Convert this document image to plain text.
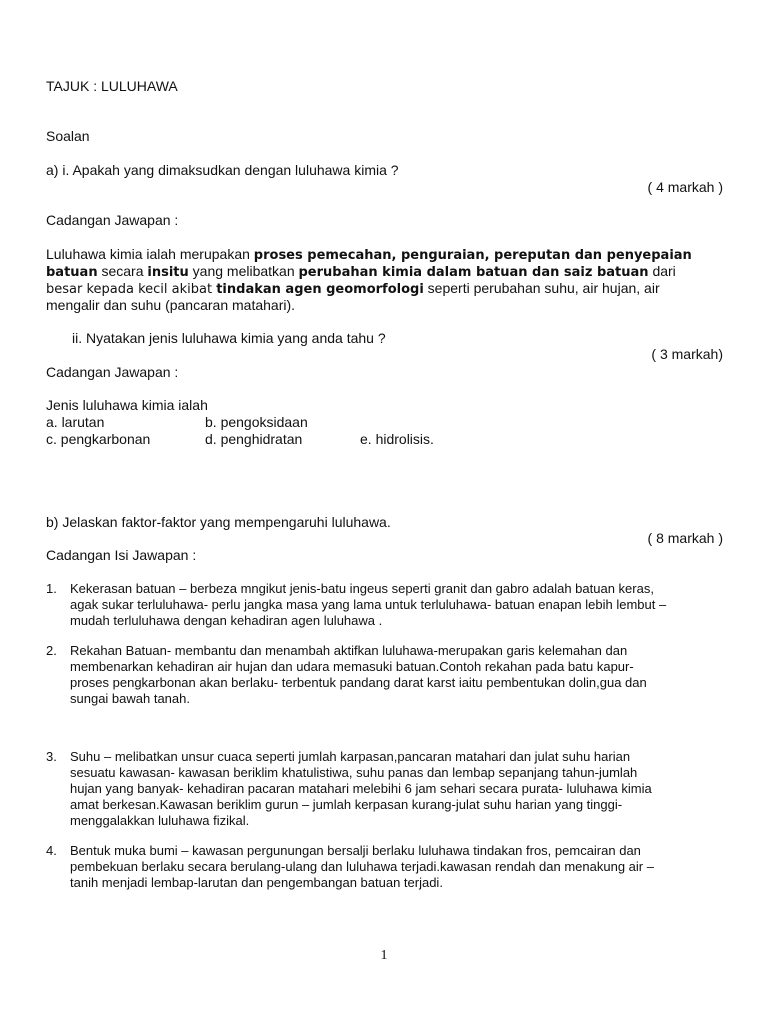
TAJUK : LULUHAWA
Soalan
a) i. Apakah yang dimaksudkan dengan luluhawa kimia ?
( 4 markah )
Cadangan Jawapan :
Luluhawa kimia ialah merupakan proses pemecahan, penguraian, pereputan dan penyepaian
batuan secara insitu yang melibatkan perubahan kimia dalam batuan dan saiz batuan dari
besar kepada kecil akibat tindakan agen geomorfologi seperti perubahan suhu, air hujan, air
mengalir dan suhu (pancaran matahari).
ii. Nyatakan jenis luluhawa kimia yang anda tahu ?
( 3 markah)
Cadangan Jawapan :
Jenis luluhawa kimia ialah
a. larutan	b. pengoksidaan
c. pengkarbonan	d. penghidratan	e. hidrolisis.
b) Jelaskan faktor-faktor yang mempengaruhi luluhawa.
( 8 markah )
Cadangan Isi Jawapan :
1. Kekerasan batuan – berbeza mngikut jenis-batu ingeus seperti granit dan gabro adalah batuan keras,
agak sukar terluluhawa- perlu jangka masa yang lama untuk terluluhawa- batuan enapan lebih lembut –
mudah terluluhawa dengan kehadiran agen luluhawa .
2. Rekahan Batuan- membantu dan menambah aktifkan luluhawa-merupakan garis kelemahan dan
membenarkan kehadiran air hujan dan udara memasuki batuan.Contoh rekahan pada batu kapur-
proses pengkarbonan akan berlaku- terbentuk pandang darat karst iaitu pembentukan dolin,gua dan
sungai bawah tanah.
3. Suhu – melibatkan unsur cuaca seperti jumlah karpasan,pancaran matahari dan julat suhu harian
sesuatu kawasan- kawasan beriklim khatulistiwa, suhu panas dan lembap sepanjang tahun-jumlah
hujan yang banyak- kehadiran pacaran matahari melebihi 6 jam sehari secara purata- luluhawa kimia
amat berkesan.Kawasan beriklim gurun – jumlah kerpasan kurang-julat suhu harian yang tinggi-
menggalakkan luluhawa fizikal.
4. Bentuk muka bumi – kawasan pergunungan bersalji berlaku luluhawa tindakan fros, pemcairan dan
pembekuan berlaku secara berulang-ulang dan luluhawa terjadi.kawasan rendah dan menakung air –
tanih menjadi lembap-larutan dan pengembangan batuan terjadi.
1
